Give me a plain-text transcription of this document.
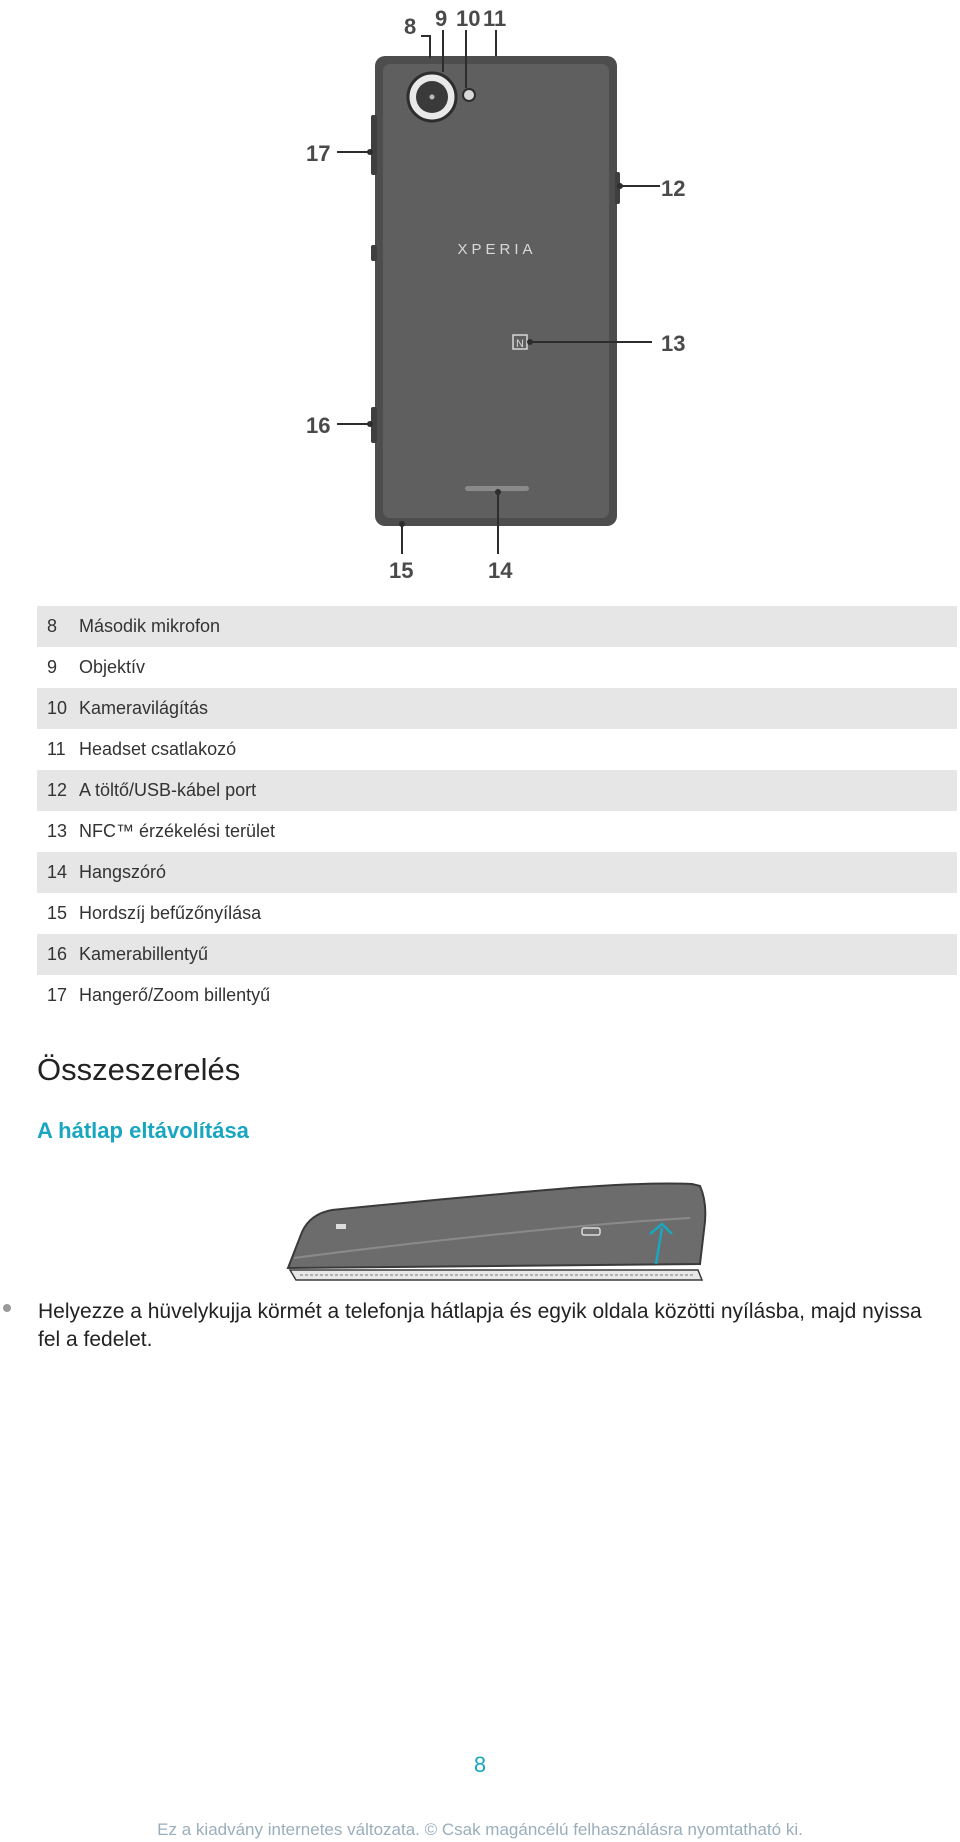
XPERIA
N
8 9 10 11
12
13
14
15
16
17
8	Második mikrofon
9	Objektív
10 Kameravilágítás
11 Headset csatlakozó
12 A töltő/USB-kábel port
13 NFC™ érzékelési terület
14 Hangszóró
15 Hordszíj befűzőnyílása
16 Kamerabillentyű
17 Hangerő/Zoom billentyű
Összeszerelés
A hátlap eltávolítása
Helyezze a hüvelykujja körmét a telefonja hátlapja és egyik oldala közötti nyílásba, majd nyissa fel a fedelet.
8
Ez a kiadvány internetes változata. © Csak magáncélú felhasználásra nyomtatható ki.
